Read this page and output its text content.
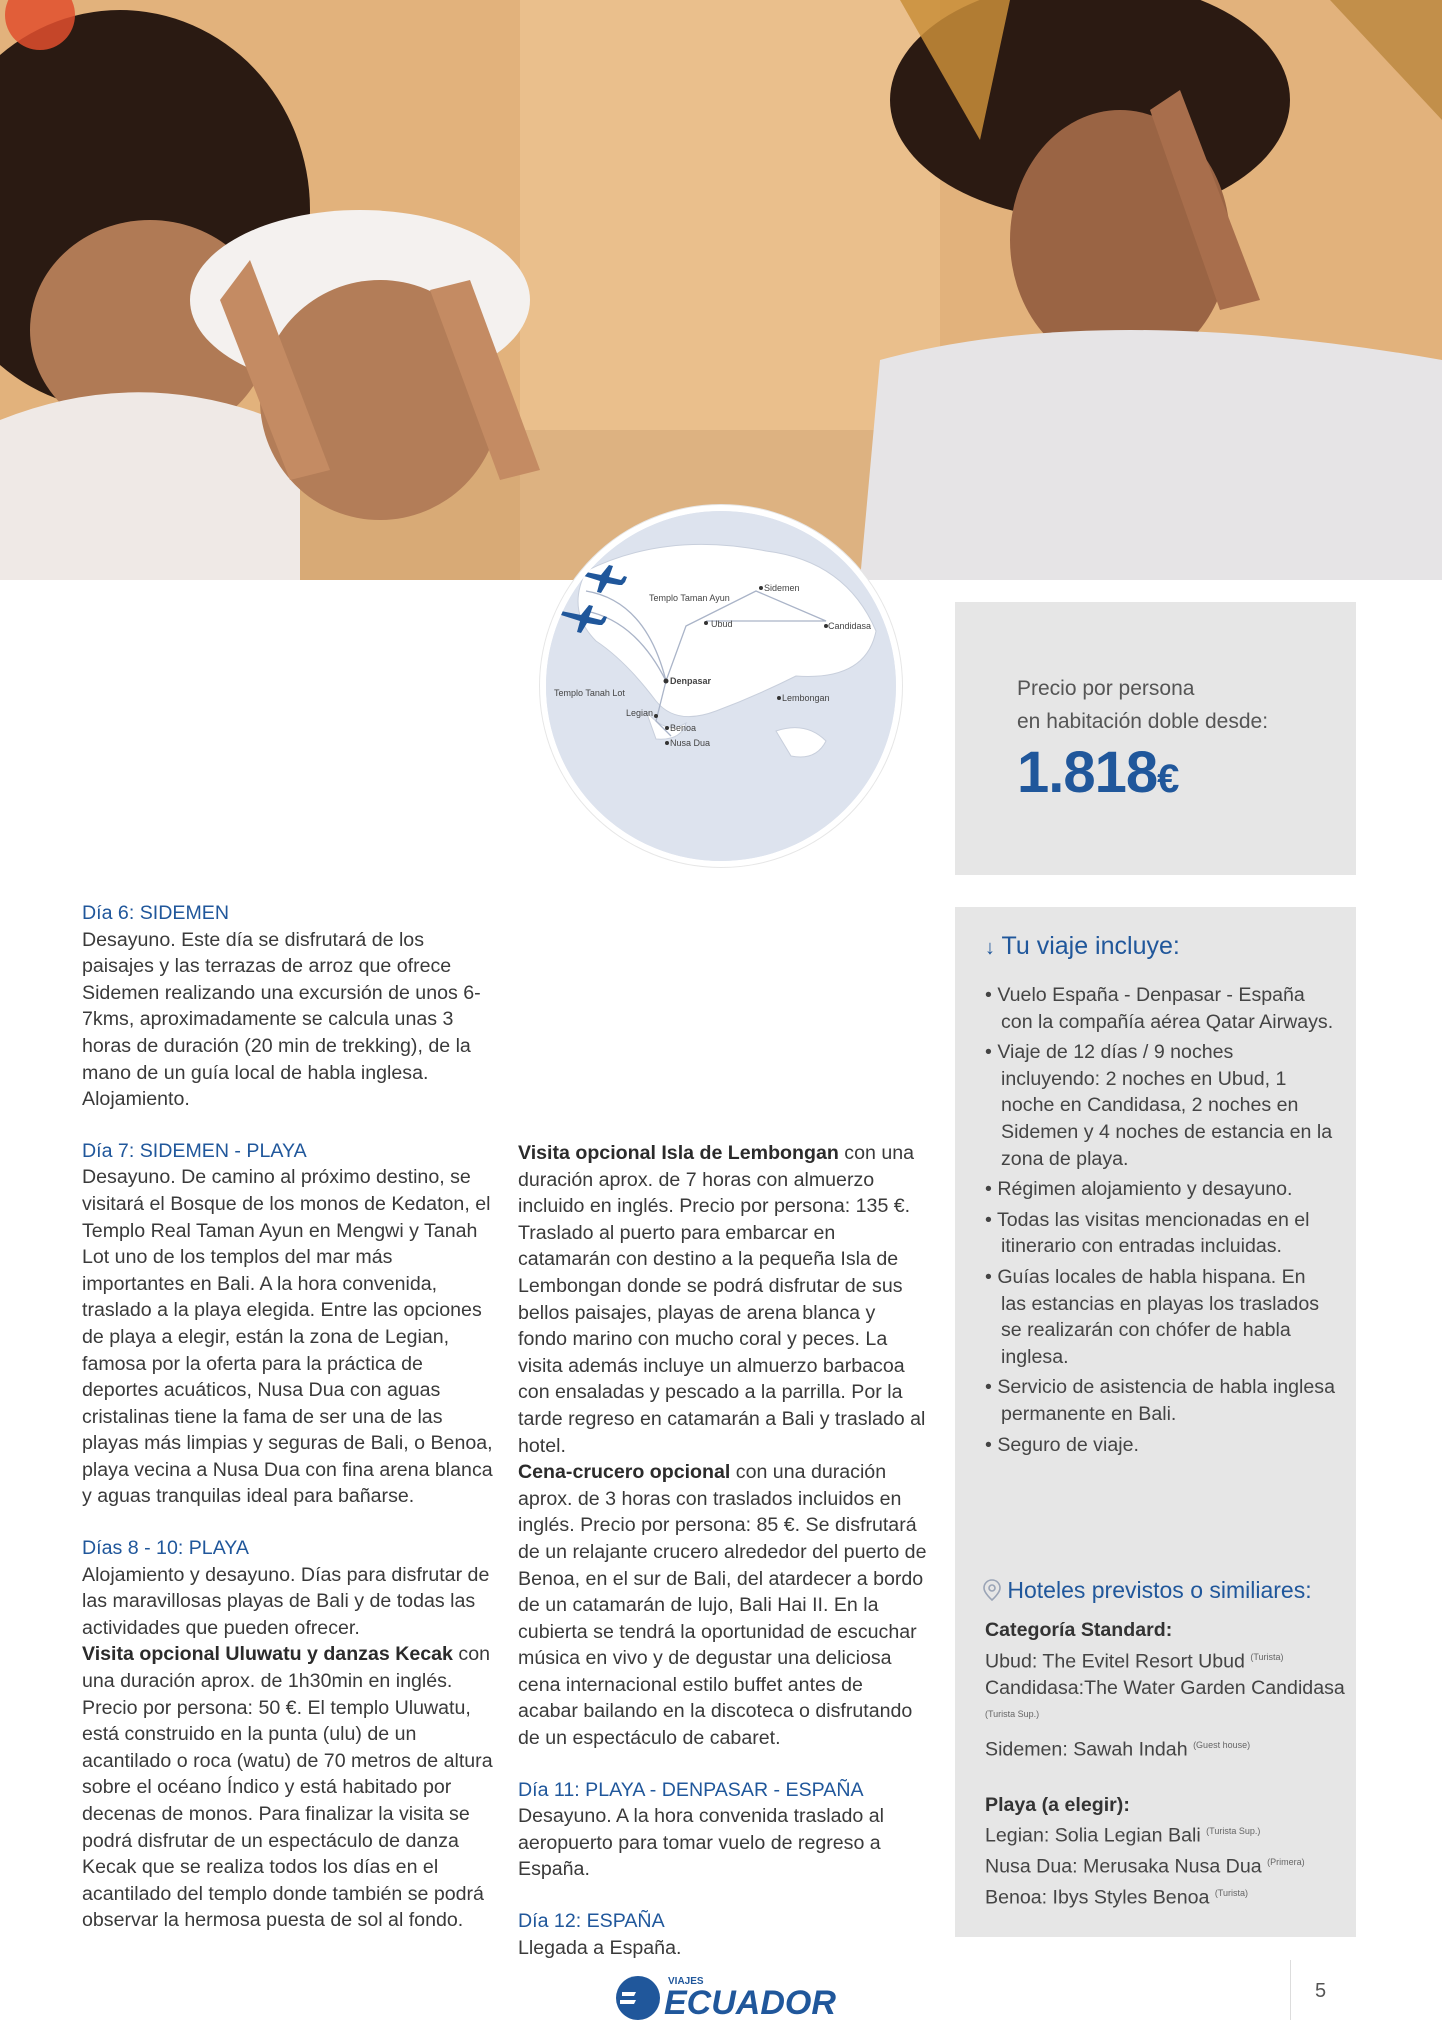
Sidemen
Templo Taman Ayun
Ubud	Candidasa
Denpasar
Templo Tanah Lot	Lembongan
Legian
Benoa
Nusa Dua
Precio por persona
en habitación doble desde:
1.818€

Día 6: SIDEMEN

Desayuno. Este día se disfrutará de los paisajes y las terrazas de arroz que ofrece Sidemen realizando una excursión de unos 6-7kms, aproximadamente se calcula unas 3 horas de duración (20 min de trekking), de la mano de un guía local de habla inglesa. Alojamiento.

Día 7: SIDEMEN - PLAYA

Desayuno. De camino al próximo destino, se visitará el Bosque de los monos de Kedaton, el Templo Real Taman Ayun en Mengwi y Tanah Lot uno de los templos del mar más importantes en Bali. A la hora convenida, traslado a la playa elegida. Entre las opciones de playa a elegir, están la zona de Legian, famosa por la oferta para la práctica de deportes acuáticos, Nusa Dua con aguas cristalinas tiene la fama de ser una de las playas más limpias y seguras de Bali, o Benoa, playa vecina a Nusa Dua con fina arena blanca y aguas tranquilas ideal para bañarse.

Días 8 - 10: PLAYA

Alojamiento y desayuno. Días para disfrutar de las maravillosas playas de Bali y de todas las actividades que pueden ofrecer.

Visita opcional Uluwatu y danzas Kecak con una duración aprox. de 1h30min en inglés. Precio por persona: 50 €. El templo Uluwatu, está construido en la punta (ulu) de un acantilado o roca (watu) de 70 metros de altura sobre el océano Índico y está habitado por decenas de monos. Para finalizar la visita se podrá disfrutar de un espectáculo de danza Kecak que se realiza todos los días en el acantilado del templo donde también se podrá observar la hermosa puesta de sol al fondo.

Visita opcional Isla de Lembongan con una duración aprox. de 7 horas con almuerzo incluido en inglés. Precio por persona: 135 €. Traslado al puerto para embarcar en catamarán con destino a la pequeña Isla de Lembongan donde se podrá disfrutar de sus bellos paisajes, playas de arena blanca y fondo marino con mucho coral y peces. La visita además incluye un almuerzo barbacoa con ensaladas y pescado a la parrilla. Por la tarde regreso en catamarán a Bali y traslado al hotel.

Cena-crucero opcional con una duración aprox. de 3 horas con traslados incluidos en inglés. Precio por persona: 85 €. Se disfrutará de un relajante crucero alrededor del puerto de Benoa, en el sur de Bali, del atardecer a bordo de un catamarán de lujo, Bali Hai II. En la cubierta se tendrá la oportunidad de escuchar música en vivo y de degustar una deliciosa cena internacional estilo buffet antes de acabar bailando en la discoteca o disfrutando de un espectáculo de cabaret.

Día 11: PLAYA - DENPASAR - ESPAÑA

Desayuno. A la hora convenida traslado al aeropuerto para tomar vuelo de regreso a España.

Día 12: ESPAÑA

Llegada a España.

↓ Tu viaje incluye:
• Vuelo España - Denpasar - España con la compañía aérea Qatar Airways.
• Viaje de 12 días / 9 noches incluyendo: 2 noches en Ubud, 1 noche en Candidasa, 2 noches en Sidemen y 4 noches de estancia en la zona de playa.
• Régimen alojamiento y desayuno.
• Todas las visitas mencionadas en el itinerario con entradas incluidas.
• Guías locales de habla hispana. En las estancias en playas los traslados se realizarán con chófer de habla inglesa.
• Servicio de asistencia de habla inglesa permanente en Bali.
• Seguro de viaje.
Hoteles previstos o similiares:

Categoría Standard:

Ubud: The Evitel Resort Ubud $^{(Turista)}$

Candidasa:The Water Garden Candidasa $^{(Turista Sup.)}$

Sidemen: Sawah Indah $^{(Guest house)}$

Playa (a elegir):

Legian: Solia Legian Bali $^{(Turista Sup.)}$

Nusa Dua: Merusaka Nusa Dua $^{(Primera)}$

Benoa: Ibys Styles Benoa $^{(Turista)}$

VIAJES
ECUADOR	5
